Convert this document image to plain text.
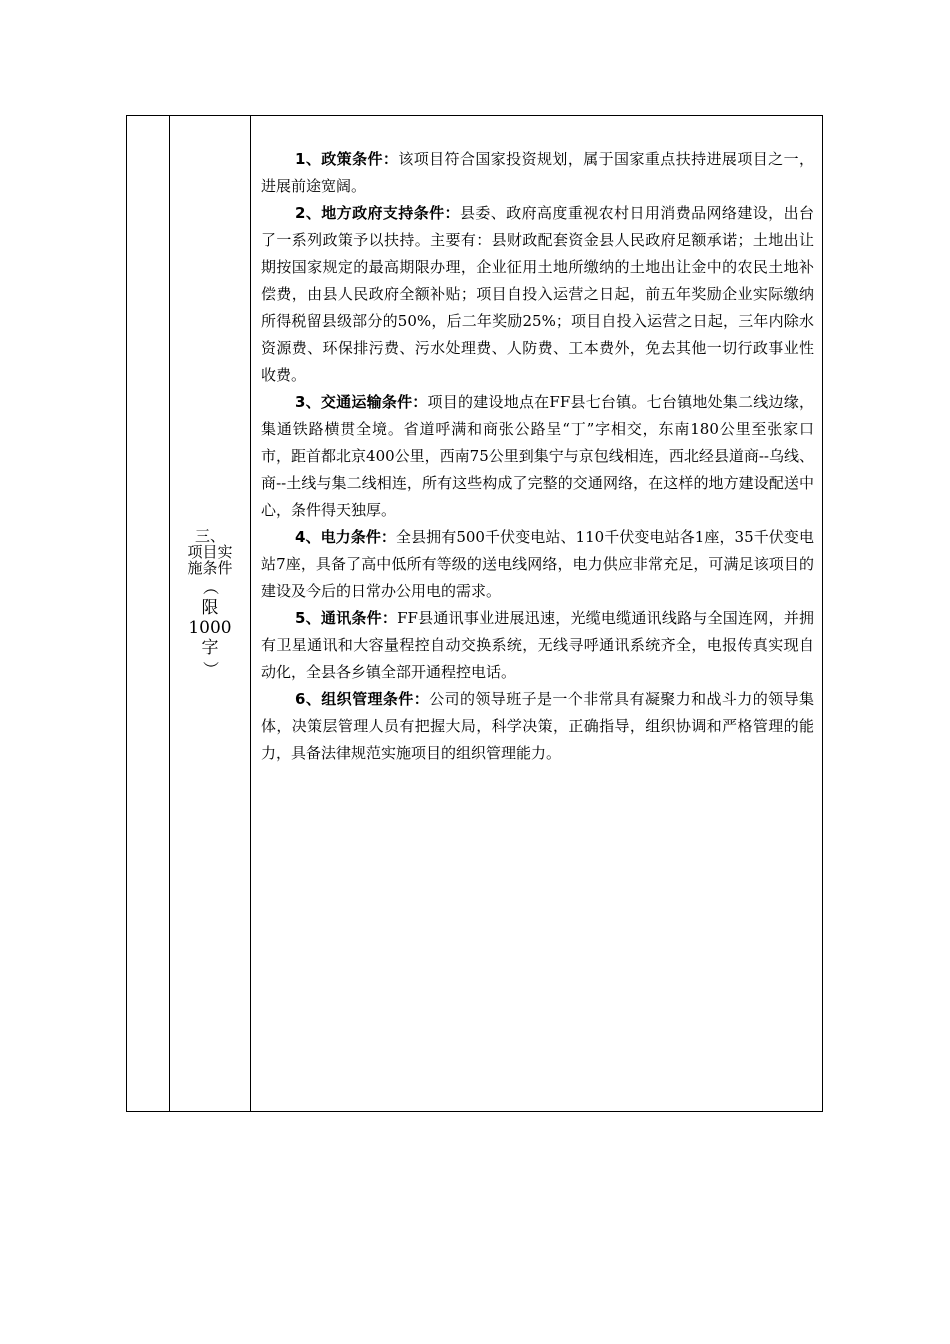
三、
项目实
施条件
（
限
1000
字
）

1、政策条件：该项目符合国家投资规划，属于国家重点扶持进展项目之一，进展前途宽阔。

2、地方政府支持条件：县委、政府高度重视农村日用消费品网络建设，出台了一系列政策予以扶持。主要有：县财政配套资金县人民政府足额承诺；土地出让期按国家规定的最高期限办理，企业征用土地所缴纳的土地出让金中的农民土地补偿费，由县人民政府全额补贴；项目自投入运营之日起，前五年奖励企业实际缴纳所得税留县级部分的50%，后二年奖励25%；项目自投入运营之日起，三年内除水资源费、环保排污费、污水处理费、人防费、工本费外，免去其他一切行政事业性收费。

3、交通运输条件：项目的建设地点在FF县七台镇。七台镇地处集二线边缘，集通铁路横贯全境。省道呼满和商张公路呈“丁”字相交，东南180公里至张家口市，距首都北京400公里，西南75公里到集宁与京包线相连，西北经县道商--乌线、商--土线与集二线相连，所有这些构成了完整的交通网络，在这样的地方建设配送中心，条件得天独厚。

4、电力条件：全县拥有500千伏变电站、110千伏变电站各1座，35千伏变电站7座，具备了高中低所有等级的送电线网络，电力供应非常充足，可满足该项目的建设及今后的日常办公用电的需求。

5、通讯条件：FF县通讯事业进展迅速，光缆电缆通讯线路与全国连网，并拥有卫星通讯和大容量程控自动交换系统，无线寻呼通讯系统齐全，电报传真实现自动化，全县各乡镇全部开通程控电话。

6、组织管理条件：公司的领导班子是一个非常具有凝聚力和战斗力的领导集体，决策层管理人员有把握大局，科学决策，正确指导，组织协调和严格管理的能力，具备法律规范实施项目的组织管理能力。
